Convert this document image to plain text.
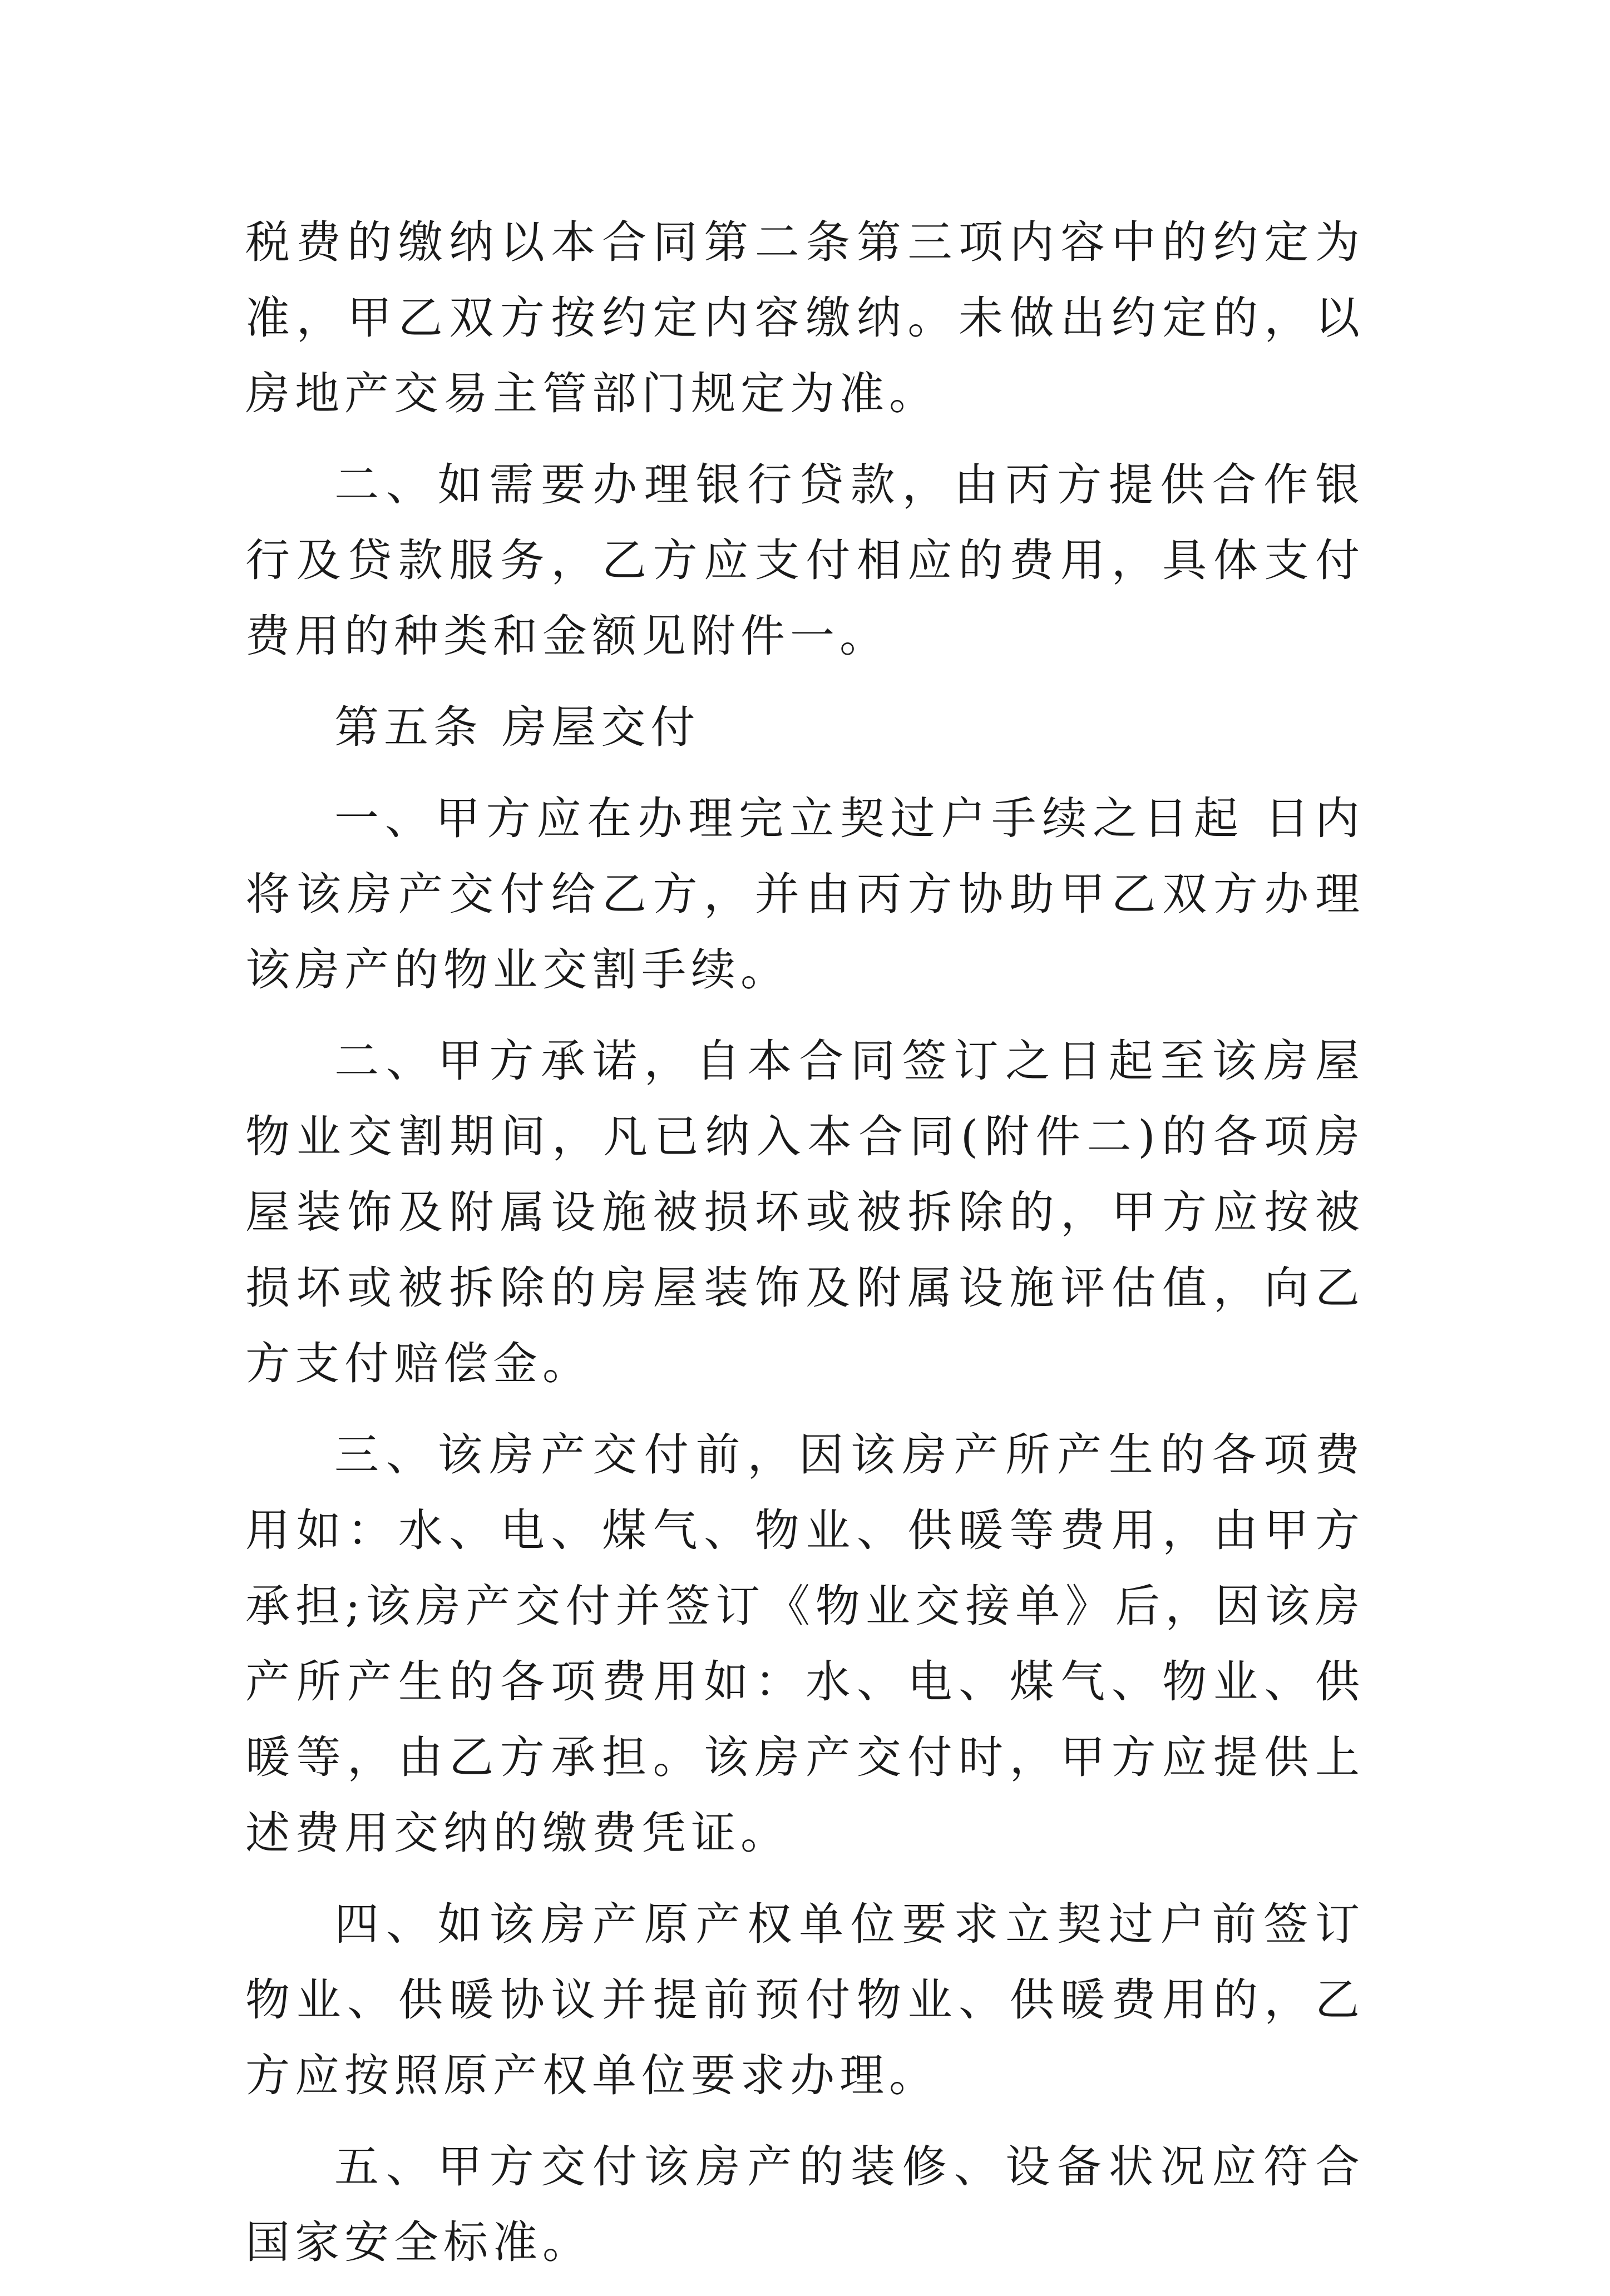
税费的缴纳以本合同第二条第三项内容中的约定为准，甲乙双方按约定内容缴纳。未做出约定的，以房地产交易主管部门规定为准。

二、如需要办理银行贷款，由丙方提供合作银行及贷款服务，乙方应支付相应的费用，具体支付费用的种类和金额见附件一。

第五条 房屋交付

一、甲方应在办理完立契过户手续之日起 日内将该房产交付给乙方，并由丙方协助甲乙双方办理该房产的物业交割手续。

二、甲方承诺，自本合同签订之日起至该房屋物业交割期间，凡已纳入本合同(附件二)的各项房屋装饰及附属设施被损坏或被拆除的，甲方应按被损坏或被拆除的房屋装饰及附属设施评估值，向乙方支付赔偿金。

三、该房产交付前，因该房产所产生的各项费用如：水、电、煤气、物业、供暖等费用，由甲方承担;该房产交付并签订《物业交接单》后，因该房产所产生的各项费用如：水、电、煤气、物业、供暖等，由乙方承担。该房产交付时，甲方应提供上述费用交纳的缴费凭证。

四、如该房产原产权单位要求立契过户前签订物业、供暖协议并提前预付物业、供暖费用的，乙方应按照原产权单位要求办理。

五、甲方交付该房产的装修、设备状况应符合国家安全标准。
